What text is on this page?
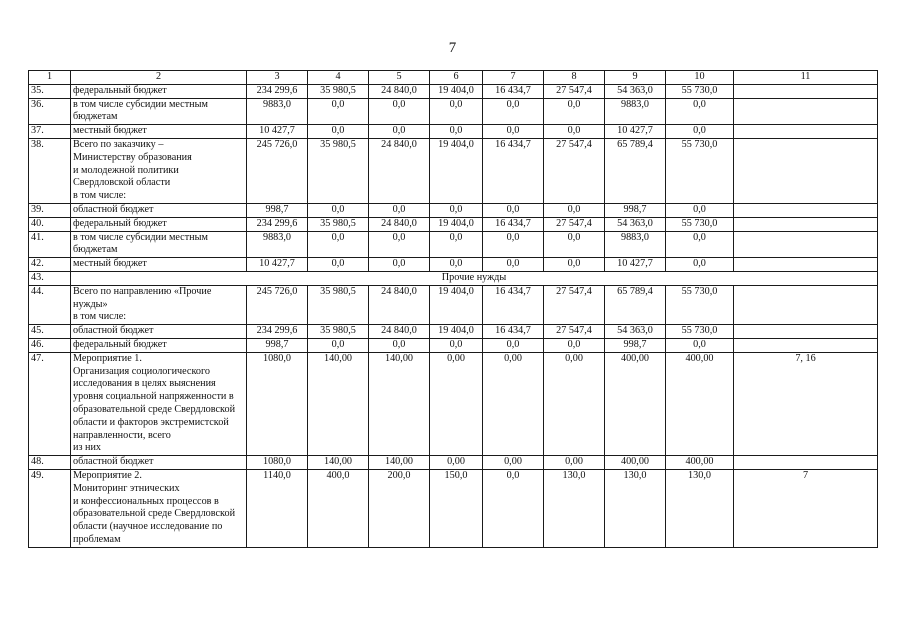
7
1	2	3	4	5	6	7	8	9	10	11
35.	федеральный бюджет	234 299,6	35 980,5	24 840,0	19 404,0	16 434,7	27 547,4	54 363,0	55 730,0	
36.	в том числе субсидии местным бюджетам	9883,0	0,0	0,0	0,0	0,0	0,0	9883,0	0,0	
37.	местный бюджет	10 427,7	0,0	0,0	0,0	0,0	0,0	10 427,7	0,0	
38.	Всего по заказчику –
Министерству образования
и молодежной политики
Свердловской области
в том числе:	245 726,0	35 980,5	24 840,0	19 404,0	16 434,7	27 547,4	65 789,4	55 730,0	
39.	областной бюджет	998,7	0,0	0,0	0,0	0,0	0,0	998,7	0,0	
40.	федеральный бюджет	234 299,6	35 980,5	24 840,0	19 404,0	16 434,7	27 547,4	54 363,0	55 730,0	
41.	в том числе субсидии местным бюджетам	9883,0	0,0	0,0	0,0	0,0	0,0	9883,0	0,0	
42.	местный бюджет	10 427,7	0,0	0,0	0,0	0,0	0,0	10 427,7	0,0	
43.	Прочие нужды									
44.	Всего по направлению «Прочие нужды»
в том числе:	245 726,0	35 980,5	24 840,0	19 404,0	16 434,7	27 547,4	65 789,4	55 730,0	
45.	областной бюджет	234 299,6	35 980,5	24 840,0	19 404,0	16 434,7	27 547,4	54 363,0	55 730,0	
46.	федеральный бюджет	998,7	0,0	0,0	0,0	0,0	0,0	998,7	0,0	
47.	Мероприятие 1.
Организация социологического исследования в целях выяснения уровня социальной напряженности в образовательной среде Свердловской области и факторов экстремистской направленности, всего
из них	1080,0	140,00	140,00	0,00	0,00	0,00	400,00	400,00	7, 16
48.	областной бюджет	1080,0	140,00	140,00	0,00	0,00	0,00	400,00	400,00	
49.	Мероприятие 2.
Мониторинг этнических
и конфессиональных процессов в образовательной среде Свердловской области (научное исследование по проблемам	1140,0	400,0	200,0	150,0	0,0	130,0	130,0	130,0	7
